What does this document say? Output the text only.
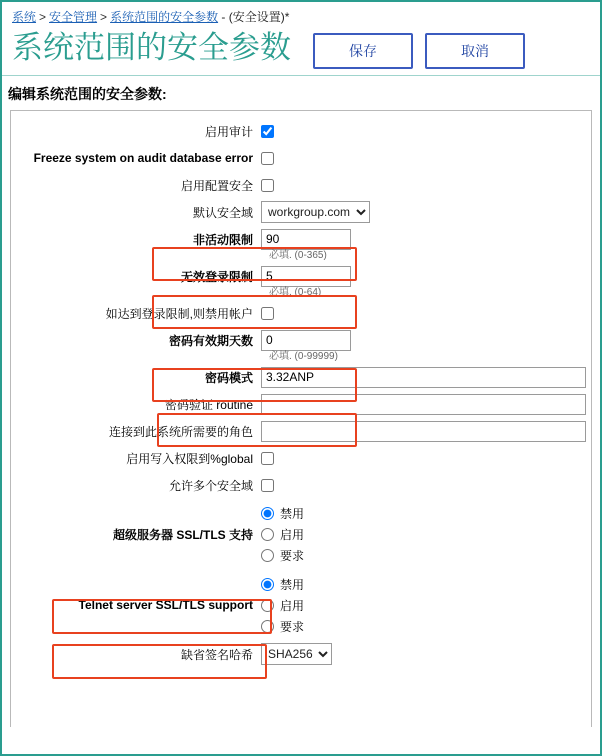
系统 > 安全管理 > 系统范围的安全参数 - (安全设置)*
系统范围的安全参数	保存	取消
编辑系统范围的安全参数:
启用审计
Freeze system on audit database error
启用配置安全
默认安全域
workgroup.com
非活动限制
90
必填. (0-365)
无效登录限制
5
必填. (0-64)
如达到登录限制,则禁用帐户
密码有效期天数
0
必填. (0-99999)
密码模式
3.32ANP
密码验证 routine
连接到此系统所需要的角色
启用写入权限到%global
允许多个安全域
超级服务器 SSL/TLS 支持
禁用
启用
要求
Telnet server SSL/TLS support
禁用
启用
要求
缺省签名哈希
SHA256
